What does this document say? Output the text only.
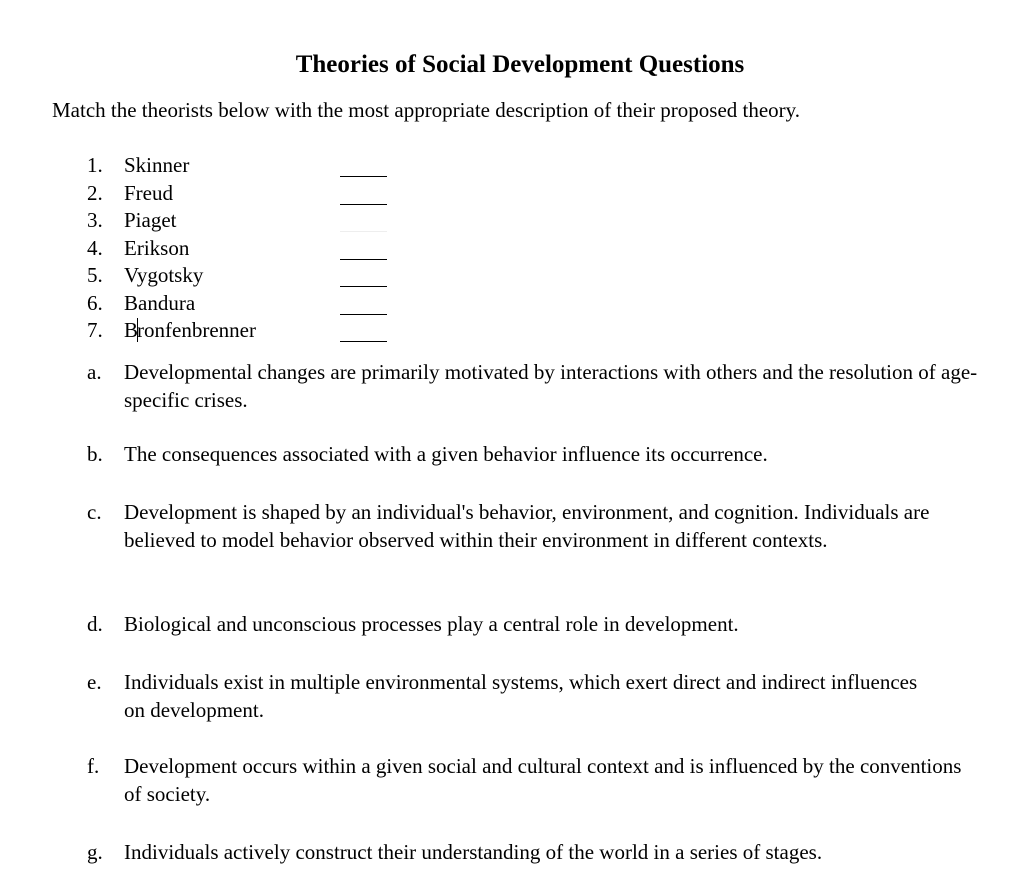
Theories of Social Development Questions
Match the theorists below with the most appropriate description of their proposed theory.
1. Skinner
2. Freud
3. Piaget
4. Erikson
5. Vygotsky
6. Bandura
7. Bronfenbrenner
a. Developmental changes are primarily motivated by interactions with others and the resolution of age-specific crises.
b. The consequences associated with a given behavior influence its occurrence.
c. Development is shaped by an individual's behavior, environment, and cognition. Individuals are believed to model behavior observed within their environment in different contexts.
d. Biological and unconscious processes play a central role in development.
e. Individuals exist in multiple environmental systems, which exert direct and indirect influences on development.
f. Development occurs within a given social and cultural context and is influenced by the conventions of society.
g. Individuals actively construct their understanding of the world in a series of stages.
